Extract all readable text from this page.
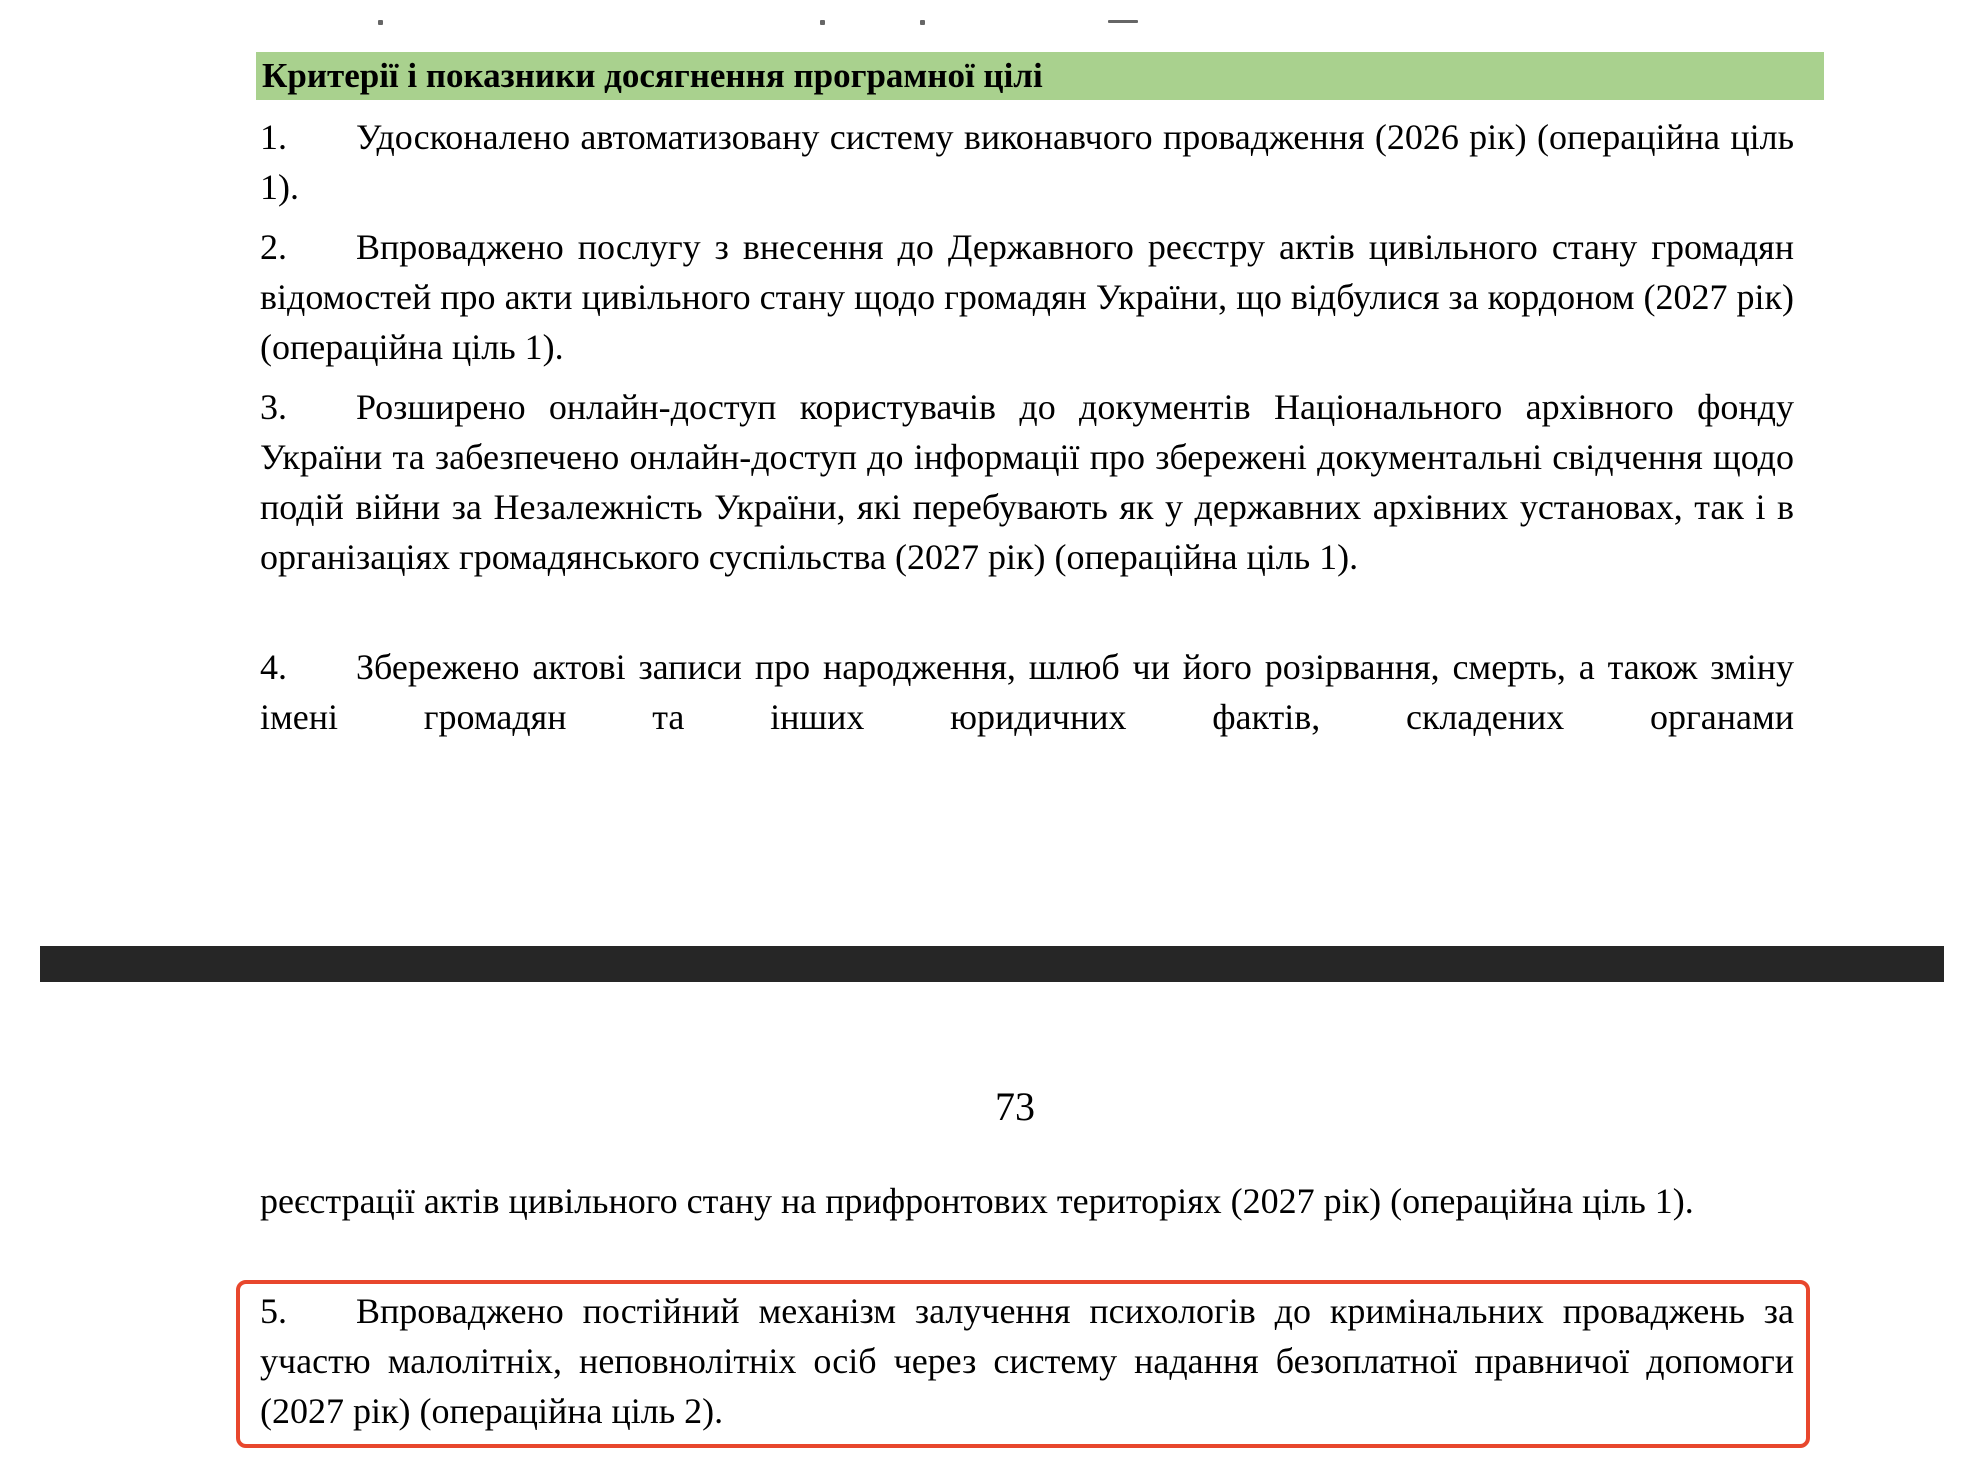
Критерії і показники досягнення програмної цілі
1. Удосконалено автоматизовану систему виконавчого провадження (2026 рік) (операційна ціль 1).
2. Впроваджено послугу з внесення до Державного реєстру актів цивільного стану громадян відомостей про акти цивільного стану щодо громадян України, що відбулися за кордоном (2027 рік) (операційна ціль 1).
3. Розширено онлайн-доступ користувачів до документів Національного архівного фонду України та забезпечено онлайн-доступ до інформації про збережені документальні свідчення щодо подій війни за Незалежність України, які перебувають як у державних архівних установах, так і в організаціях громадянського суспільства (2027 рік) (операційна ціль 1).
4. Збережено актові записи про народження, шлюб чи його розірвання, смерть, а також зміну імені громадян та інших юридичних фактів, складених органами
73
реєстрації актів цивільного стану на прифронтових територіях (2027 рік) (операційна ціль 1).
5. Впроваджено постійний механізм залучення психологів до кримінальних проваджень за участю малолітніх, неповнолітніх осіб через систему надання безоплатної правничої допомоги (2027 рік) (операційна ціль 2).
